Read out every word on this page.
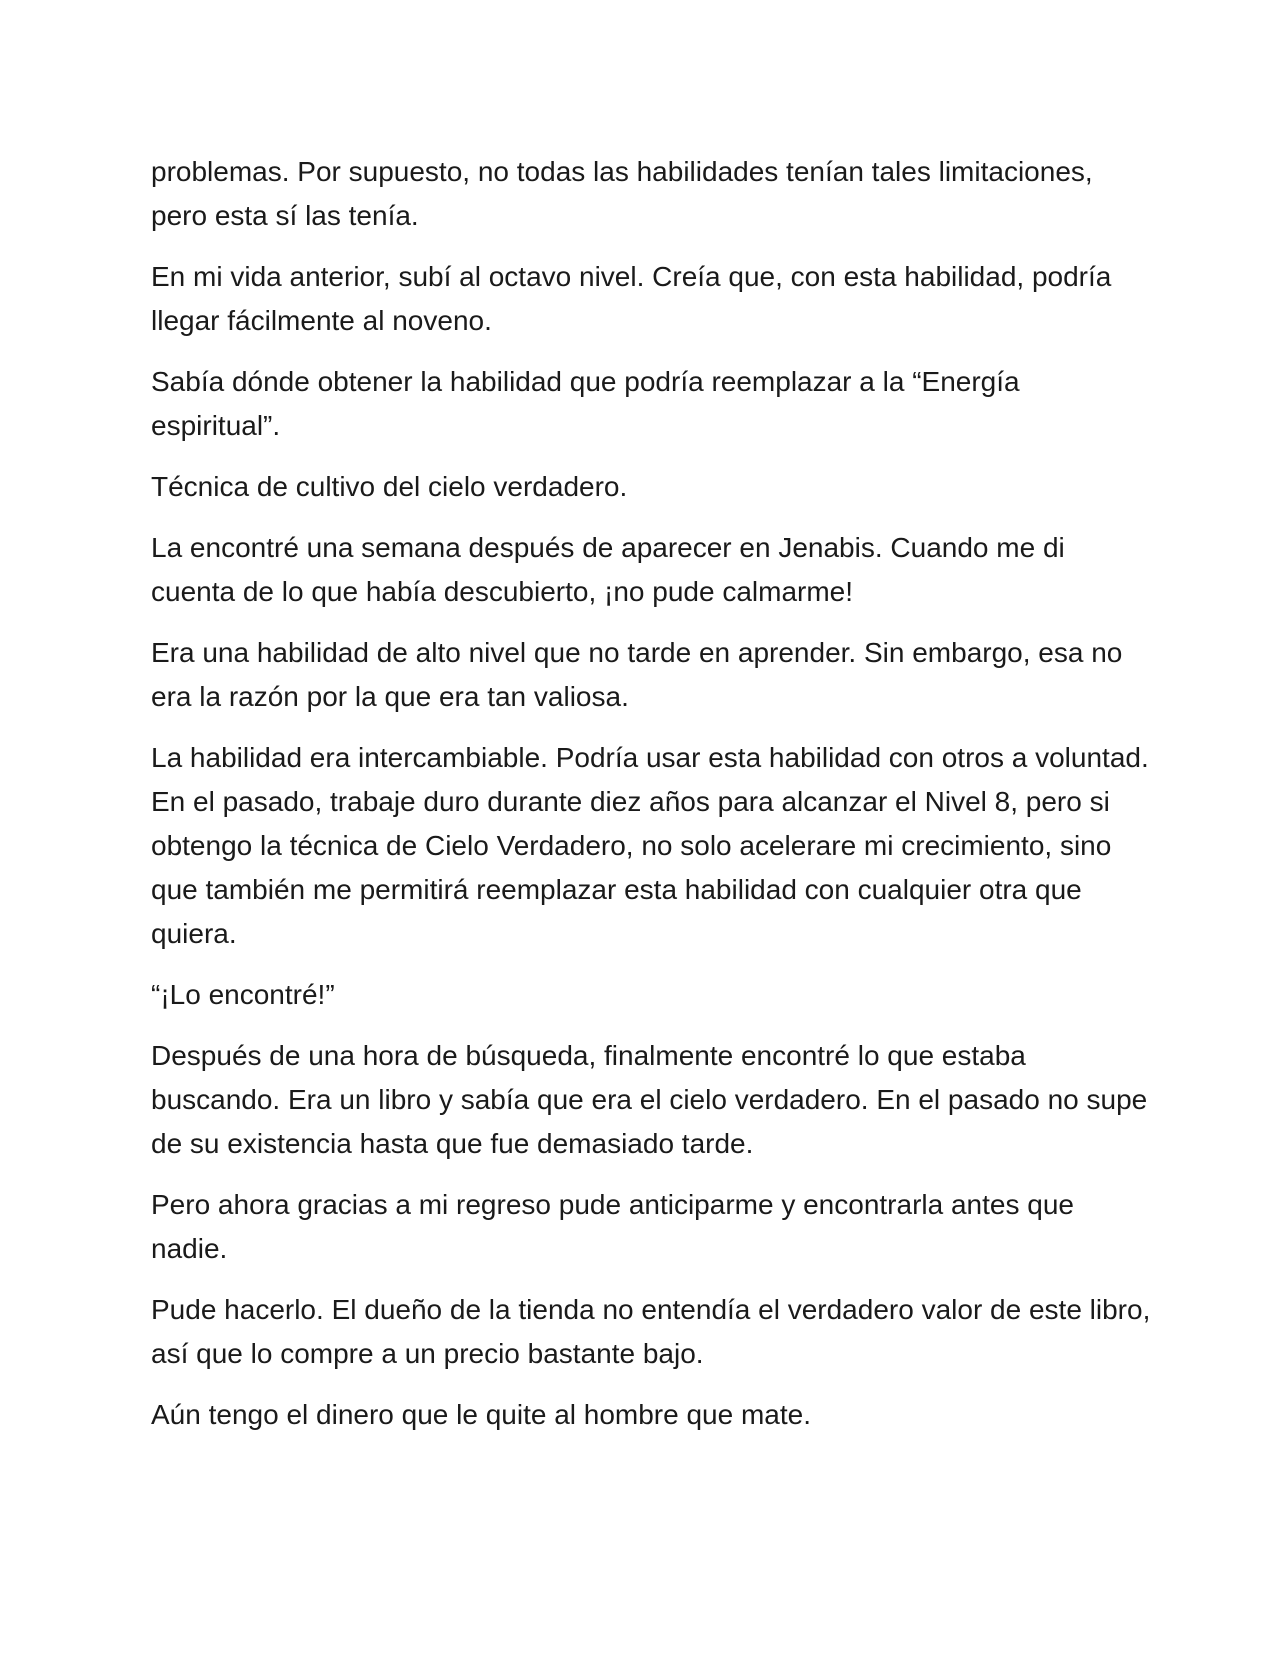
problemas. Por supuesto, no todas las habilidades tenían tales limitaciones, pero esta sí las tenía.

En mi vida anterior, subí al octavo nivel. Creía que, con esta habilidad, podría llegar fácilmente al noveno.

Sabía dónde obtener la habilidad que podría reemplazar a la “Energía espiritual”.

Técnica de cultivo del cielo verdadero.

La encontré una semana después de aparecer en Jenabis. Cuando me di cuenta de lo que había descubierto, ¡no pude calmarme!

Era una habilidad de alto nivel que no tarde en aprender. Sin embargo, esa no era la razón por la que era tan valiosa.

La habilidad era intercambiable. Podría usar esta habilidad con otros a voluntad. En el pasado, trabaje duro durante diez años para alcanzar el Nivel 8, pero si obtengo la técnica de Cielo Verdadero, no solo acelerare mi crecimiento, sino que también me permitirá reemplazar esta habilidad con cualquier otra que quiera.

“¡Lo encontré!”

Después de una hora de búsqueda, finalmente encontré lo que estaba buscando. Era un libro y sabía que era el cielo verdadero. En el pasado no supe de su existencia hasta que fue demasiado tarde.

Pero ahora gracias a mi regreso pude anticiparme y encontrarla antes que nadie.

Pude hacerlo. El dueño de la tienda no entendía el verdadero valor de este libro, así que lo compre a un precio bastante bajo.

Aún tengo el dinero que le quite al hombre que mate.
